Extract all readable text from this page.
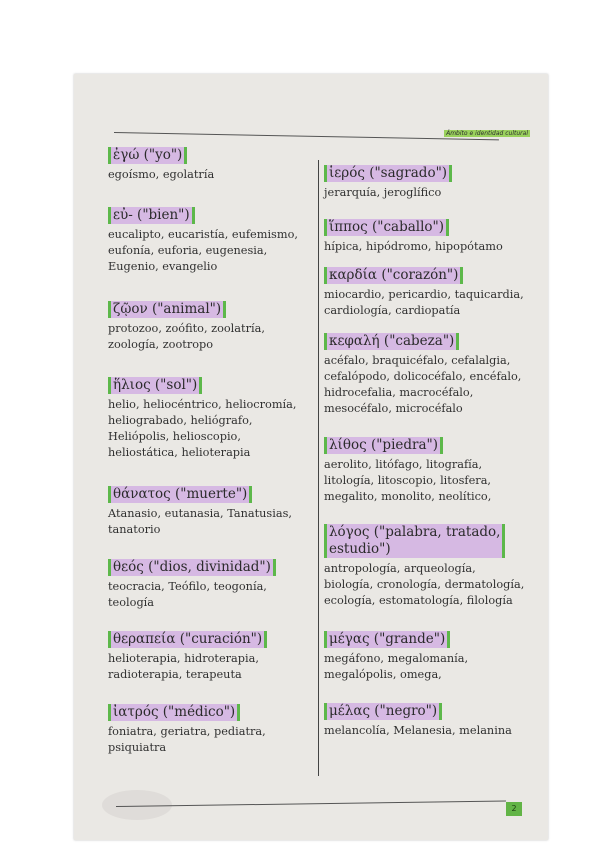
Ámbito e identidad cultural
ἐγώ ("yo")
egoísmo, egolatría
εὐ- ("bien")
eucalipto, eucaristía, eufemismo,
eufonía, euforia, eugenesia,
Eugenio, evangelio
ζῷον ("animal")
protozoo, zoófito, zoolatría,
zoología, zootropo
ἥλιος ("sol")
helio, heliocéntrico, heliocromía,
heliograbado, heliógrafo,
Heliópolis, helioscopio,
heliostática, helioterapia
θάνατος ("muerte")
Atanasio, eutanasia, Tanatusias,
tanatorio
θεός ("dios, divinidad")
teocracia, Teófilo, teogonía,
teología
θεραπεία ("curación")
helioterapia, hidroterapia,
radioterapia, terapeuta
ἰατρός ("médico")
foniatra, geriatra, pediatra,
psiquiatra
ἱερός ("sagrado")
jerarquía, jeroglífico
ἵππος ("caballo")
hípica, hipódromo, hipopótamo
καρδία ("corazón")
miocardio, pericardio, taquicardia,
cardiología, cardiopatía
κεφαλή ("cabeza")
acéfalo, braquicéfalo, cefalalgia,
cefalópodo, dolicocéfalo, encéfalo,
hidrocefalia, macrocéfalo,
mesocéfalo, microcéfalo
λίθος ("piedra")
aerolito, litófago, litografía,
litología, litoscopio, litosfera,
megalito, monolito, neolítico,
λόγος ("palabra, tratado,
estudio")
antropología, arqueología,
biología, cronología, dermatología,
ecología, estomatología, filología
μέγας ("grande")
megáfono, megalomanía,
megalópolis, omega,
μέλας ("negro")
melancolía, Melanesia, melanina
2
